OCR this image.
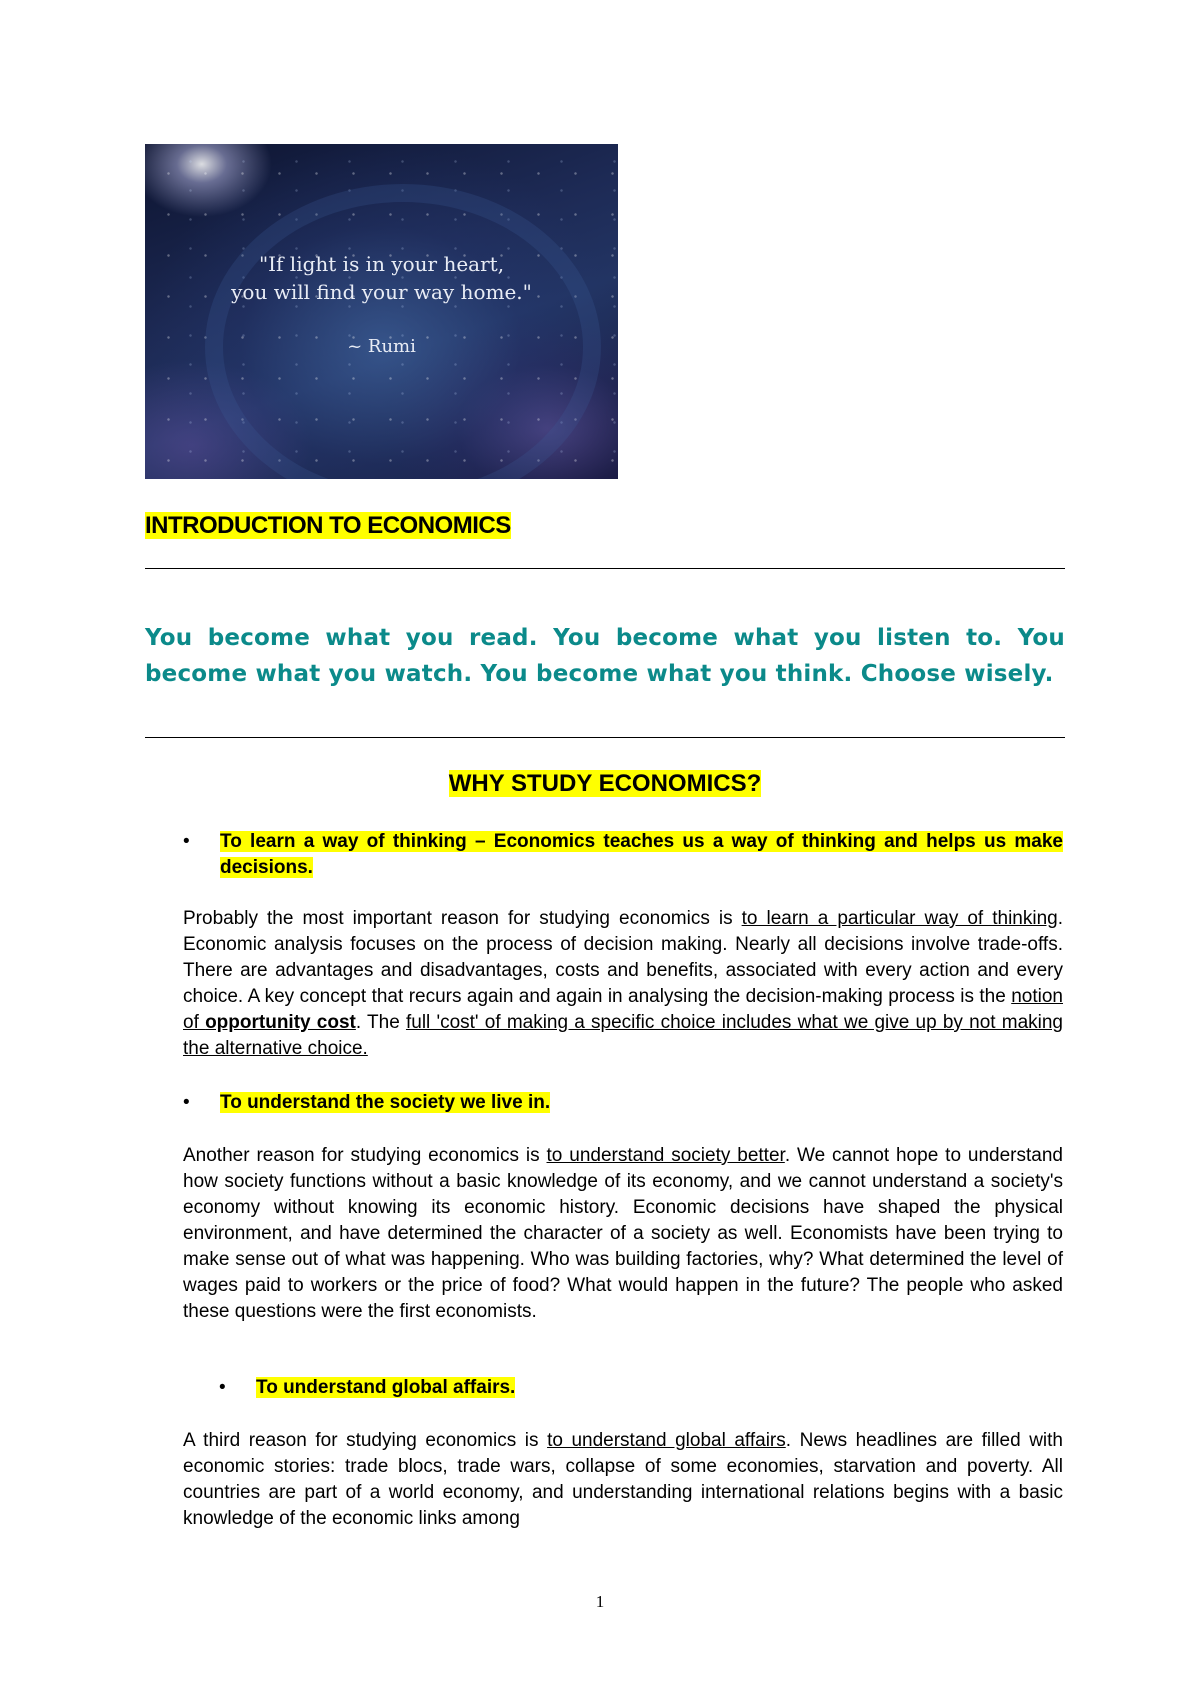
"If light is in your heart,
you will find your way home."
~ Rumi
INTRODUCTION TO ECONOMICS
You become what you read. You become what you listen to. You become what you watch. You become what you think. Choose wisely.
WHY STUDY ECONOMICS?
• To learn a way of thinking – Economics teaches us a way of thinking and helps us make decisions.
Probably the most important reason for studying economics is to learn a particular way of thinking. Economic analysis focuses on the process of decision making. Nearly all decisions involve trade-offs. There are advantages and disadvantages, costs and benefits, associated with every action and every choice. A key concept that recurs again and again in analysing the decision-making process is the notion of opportunity cost. The full 'cost' of making a specific choice includes what we give up by not making the alternative choice.
• To understand the society we live in.
Another reason for studying economics is to understand society better. We cannot hope to understand how society functions without a basic knowledge of its economy, and we cannot understand a society's economy without knowing its economic history. Economic decisions have shaped the physical environment, and have determined the character of a society as well. Economists have been trying to make sense out of what was happening. Who was building factories, why? What determined the level of wages paid to workers or the price of food? What would happen in the future? The people who asked these questions were the first economists.
• To understand global affairs.
A third reason for studying economics is to understand global affairs. News headlines are filled with economic stories: trade blocs, trade wars, collapse of some economies, starvation and poverty. All countries are part of a world economy, and understanding international relations begins with a basic knowledge of the economic links among
1
